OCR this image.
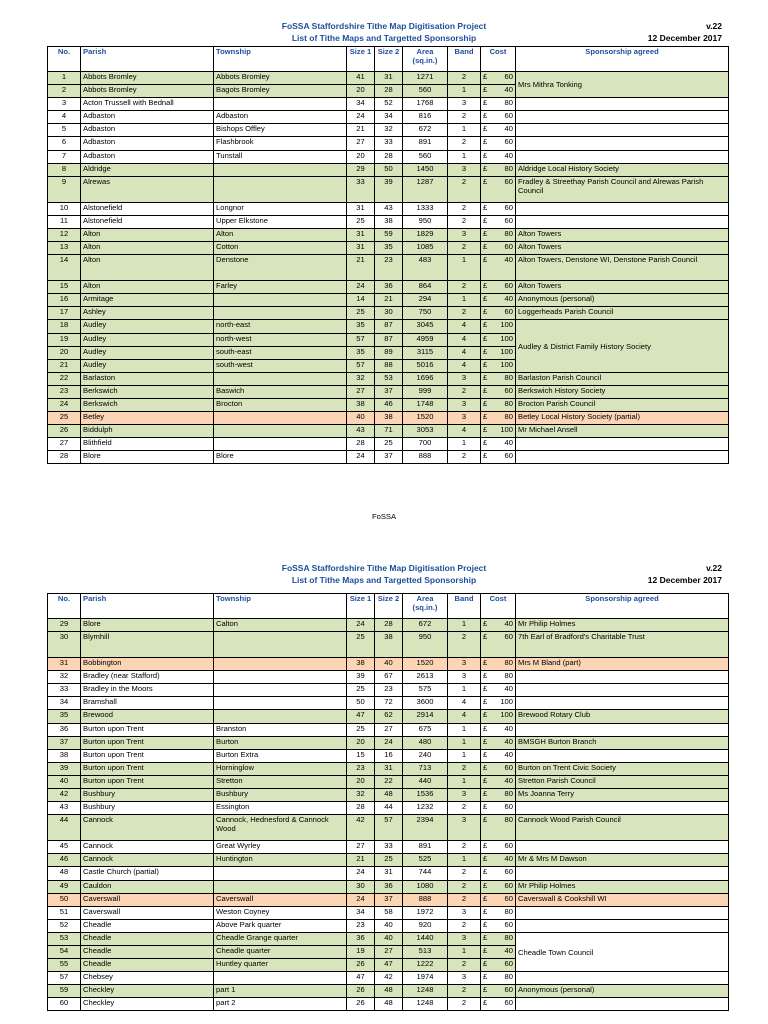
FoSSA Staffordshire Tithe Map Digitisation Project
List of Tithe Maps and Targetted Sponsorship
v.22
12 December 2017
No.	Parish	Township	Size 1	Size 2	Area (sq.in.)	Band	Cost	Sponsorship agreed
1	Abbots Bromley	Abbots Bromley	41	31	1271	2	£ 60	Mrs Mithra Tonking
2	Abbots Bromley	Bagots Bromley	20	28	560	1	£ 40	

3	Acton Trussell with Bednall		34	52	1768	3	£ 80	

4	Adbaston	Adbaston	24	34	816	2	£ 60	

5	Adbaston	Bishops Offley	21	32	672	1	£ 40	

6	Adbaston	Flashbrook	27	33	891	2	£ 60	

7	Adbaston	Tunstall	20	28	560	1	£ 40	

8	Aldridge		29	50	1450	3	£ 80	Aldridge Local History Society
9	Alrewas		33	39	1287	2	£ 60	Fradley & Streethay Parish Council and Alrewas Parish Council
10	Alstonefield	Longnor	31	43	1333	2	£ 60	

11	Alstonefield	Upper Elkstone	25	38	950	2	£ 60	

12	Alton	Alton	31	59	1829	3	£ 80	Alton Towers
13	Alton	Cotton	31	35	1085	2	£ 60	Alton Towers
14	Alton	Denstone	21	23	483	1	£ 40	Alton Towers, Denstone WI, Denstone Parish Council
15	Alton	Farley	24	36	864	2	£ 60	Alton Towers
16	Armitage		14	21	294	1	£ 40	Anonymous (personal)
17	Ashley		25	30	750	2	£ 60	Loggerheads Parish Council
18	Audley	north-east	35	87	3045	4	£ 100	Audley & District Family History Society
19	Audley	north-west	57	87	4959	4	£ 100	

20	Audley	south-east	35	89	3115	4	£ 100	

21	Audley	south-west	57	88	5016	4	£ 100	

22	Barlaston		32	53	1696	3	£ 80	Barlaston Parish Council
23	Berkswich	Baswich	27	37	999	2	£ 60	Berkswich History Society
24	Berkswich	Brocton	38	46	1748	3	£ 80	Brocton Parish Council
25	Betley		40	38	1520	3	£ 80	Betley Local History Society (partial)
26	Biddulph		43	71	3053	4	£ 100	Mr Michael Ansell
27	Blithfield		28	25	700	1	£ 40	

28	Blore	Blore	24	37	888	2	£ 60	

FoSSA
FoSSA Staffordshire Tithe Map Digitisation Project
List of Tithe Maps and Targetted Sponsorship
v.22
12 December 2017
No.	Parish	Township	Size 1	Size 2	Area (sq.in.)	Band	Cost	Sponsorship agreed
29	Blore	Calton	24	28	672	1	£ 40	Mr Philip Holmes
30	Blymhill		25	38	950	2	£ 60	7th Earl of Bradford's Charitable Trust
31	Bobbington		38	40	1520	3	£ 80	Mrs M Bland (part)
32	Bradley (near Stafford)		39	67	2613	3	£ 80	

33	Bradley in the Moors		25	23	575	1	£ 40	

34	Bramshall		50	72	3600	4	£ 100	

35	Brewood		47	62	2914	4	£ 100	Brewood Rotary Club
36	Burton upon Trent	Branston	25	27	675	1	£ 40	

37	Burton upon Trent	Burton	20	24	480	1	£ 40	BMSGH Burton Branch
38	Burton upon Trent	Burton Extra	15	16	240	1	£ 40	

39	Burton upon Trent	Horninglow	23	31	713	2	£ 60	Burton on Trent Civic Society
40	Burton upon Trent	Stretton	20	22	440	1	£ 40	Stretton Parish Council
42	Bushbury	Bushbury	32	48	1536	3	£ 80	Ms Joanna Terry
43	Bushbury	Essington	28	44	1232	2	£ 60	

44	Cannock	Cannock, Hednesford & Cannock Wood	42	57	2394	3	£ 80	Cannock Wood Parish Council
45	Cannock	Great Wyrley	27	33	891	2	£ 60	

46	Cannock	Huntington	21	25	525	1	£ 40	Mr & Mrs M Dawson
48	Castle Church (partial)		24	31	744	2	£ 60	

49	Cauldon		30	36	1080	2	£ 60	Mr Philip Holmes
50	Caverswall	Caverswall	24	37	888	2	£ 60	Caverswall & Cookshill WI
51	Caverswall	Weston Coyney	34	58	1972	3	£ 80	

52	Cheadle	Above Park quarter	23	40	920	2	£ 60	

53	Cheadle	Cheadle Grange quarter	36	40	1440	3	£ 80	Cheadle Town Council
54	Cheadle	Cheadle quarter	19	27	513	1	£ 40	

55	Cheadle	Huntley quarter	26	47	1222	2	£ 60	

57	Chebsey		47	42	1974	3	£ 80	

59	Checkley	part 1	26	48	1248	2	£ 60	Anonymous (personal)
60	Checkley	part 2	26	48	1248	2	£ 60	
